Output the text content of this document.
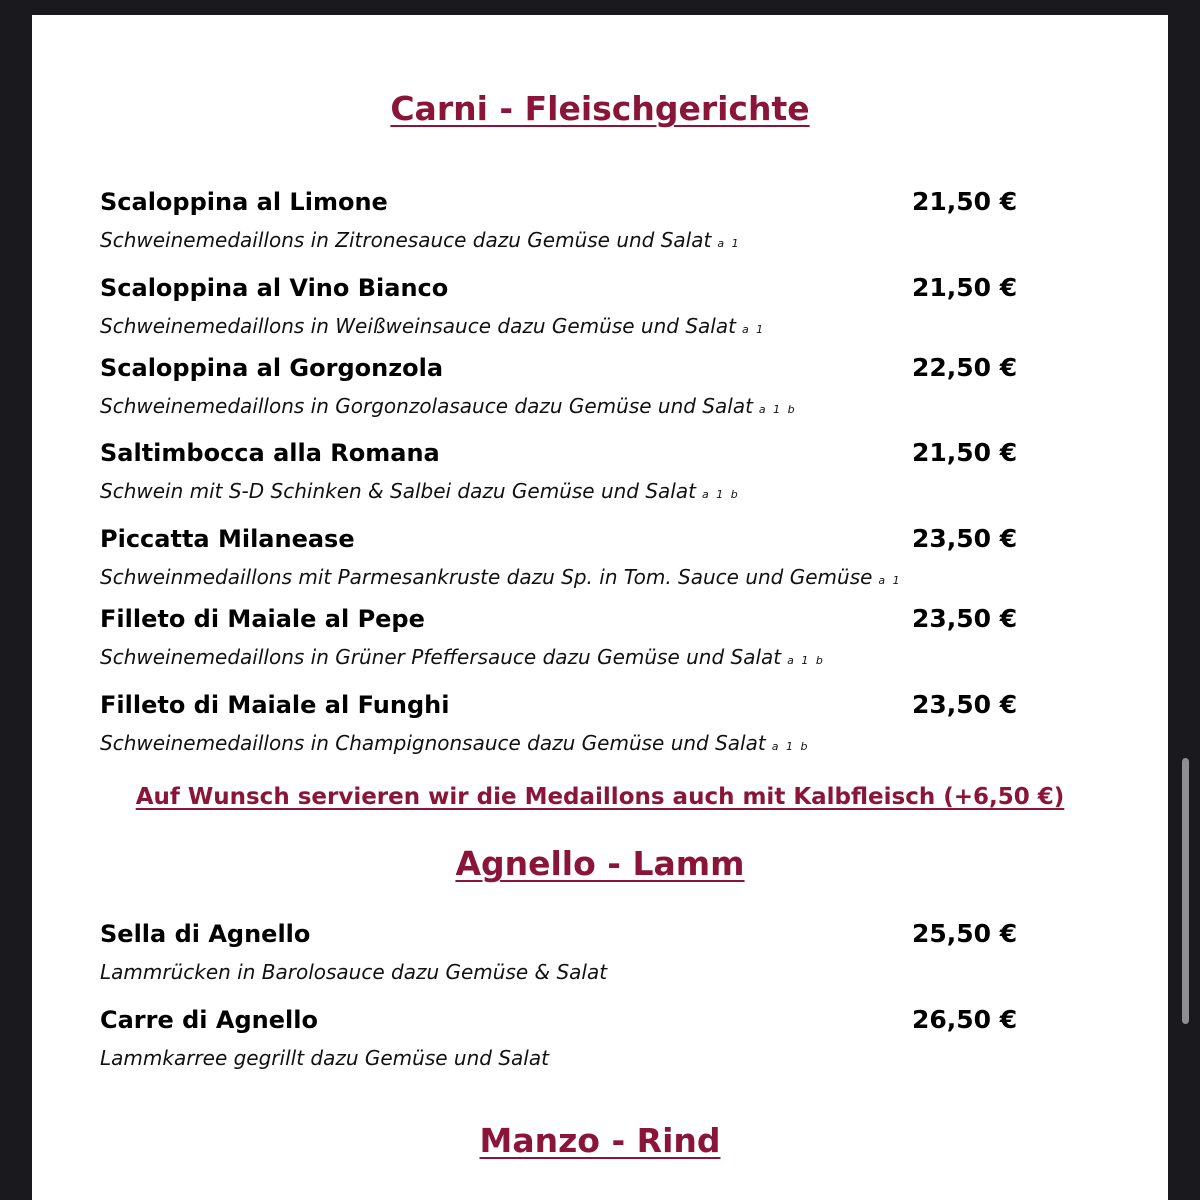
Carni - Fleischgerichte
Scaloppina al Limone	21,50 €
Schweinemedaillons in Zitronesauce dazu Gemüse und Salat a 1
Scaloppina al Vino Bianco	21,50 €
Schweinemedaillons in Weißweinsauce dazu Gemüse und Salat a 1
Scaloppina al Gorgonzola	22,50 €
Schweinemedaillons in Gorgonzolasauce dazu Gemüse und Salat a 1 b
Saltimbocca alla Romana	21,50 €
Schwein mit S-D Schinken & Salbei dazu Gemüse und Salat a 1 b
Piccatta Milanease	23,50 €
Schweinmedaillons mit Parmesankruste dazu Sp. in Tom. Sauce und Gemüse a 1
Filleto di Maiale al Pepe	23,50 €
Schweinemedaillons in Grüner Pfeffersauce dazu Gemüse und Salat a 1 b
Filleto di Maiale al Funghi	23,50 €
Schweinemedaillons in Champignonsauce dazu Gemüse und Salat a 1 b
Auf Wunsch servieren wir die Medaillons auch mit Kalbfleisch (+6,50 €)
Agnello - Lamm
Sella di Agnello	25,50 €
Lammrücken in Barolosauce dazu Gemüse & Salat
Carre di Agnello	26,50 €
Lammkarree gegrillt dazu Gemüse und Salat
Manzo - Rind
